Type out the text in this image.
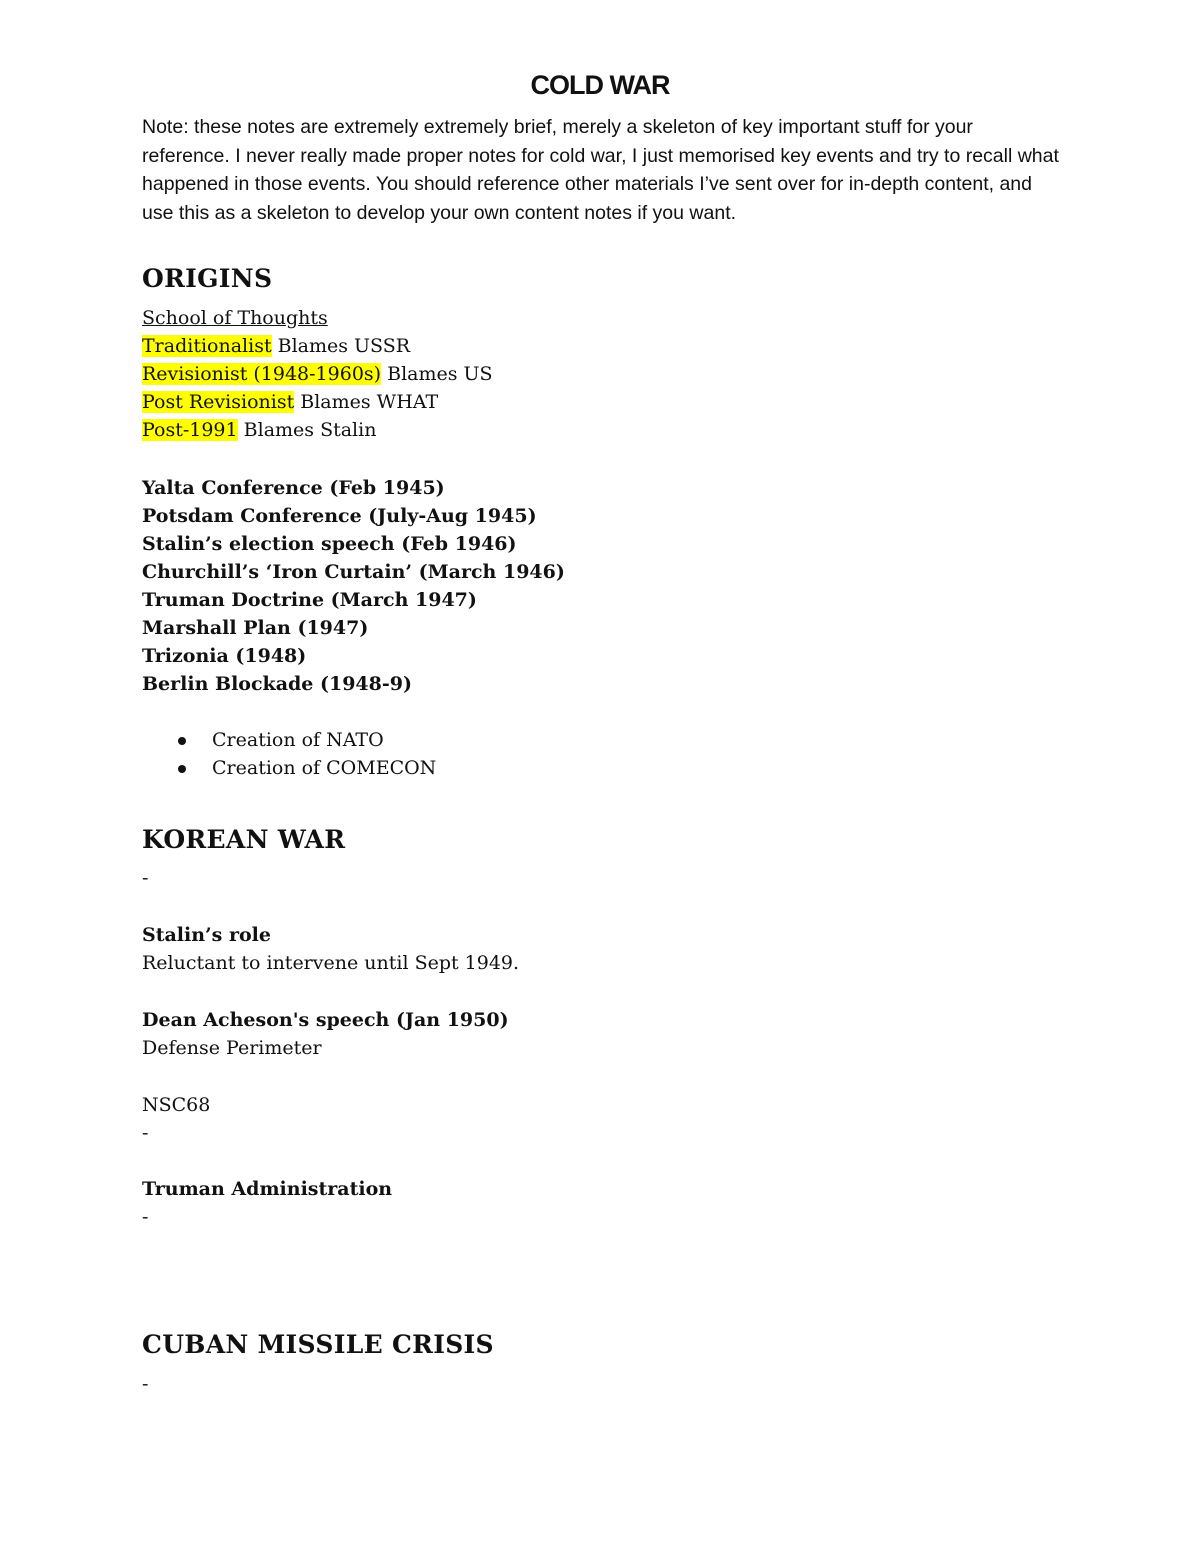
COLD WAR

Note: these notes are extremely extremely brief, merely a skeleton of key important stuff for your reference. I never really made proper notes for cold war, I just memorised key events and try to recall what happened in those events. You should reference other materials I’ve sent over for in-depth content, and use this as a skeleton to develop your own content notes if you want.

ORIGINS

School of Thoughts

Traditionalist Blames USSR

Revisionist (1948-1960s) Blames US

Post Revisionist Blames WHAT

Post-1991 Blames Stalin

Yalta Conference (Feb 1945)

Potsdam Conference (July-Aug 1945)

Stalin’s election speech (Feb 1946)

Churchill’s ‘Iron Curtain’ (March 1946)

Truman Doctrine (March 1947)

Marshall Plan (1947)

Trizonia (1948)

Berlin Blockade (1948-9)

Creation of NATO
Creation of COMECON
KOREAN WAR

-

Stalin’s role

Reluctant to intervene until Sept 1949.

Dean Acheson's speech (Jan 1950)

Defense Perimeter

NSC68

-

Truman Administration

-

CUBAN MISSILE CRISIS

-
